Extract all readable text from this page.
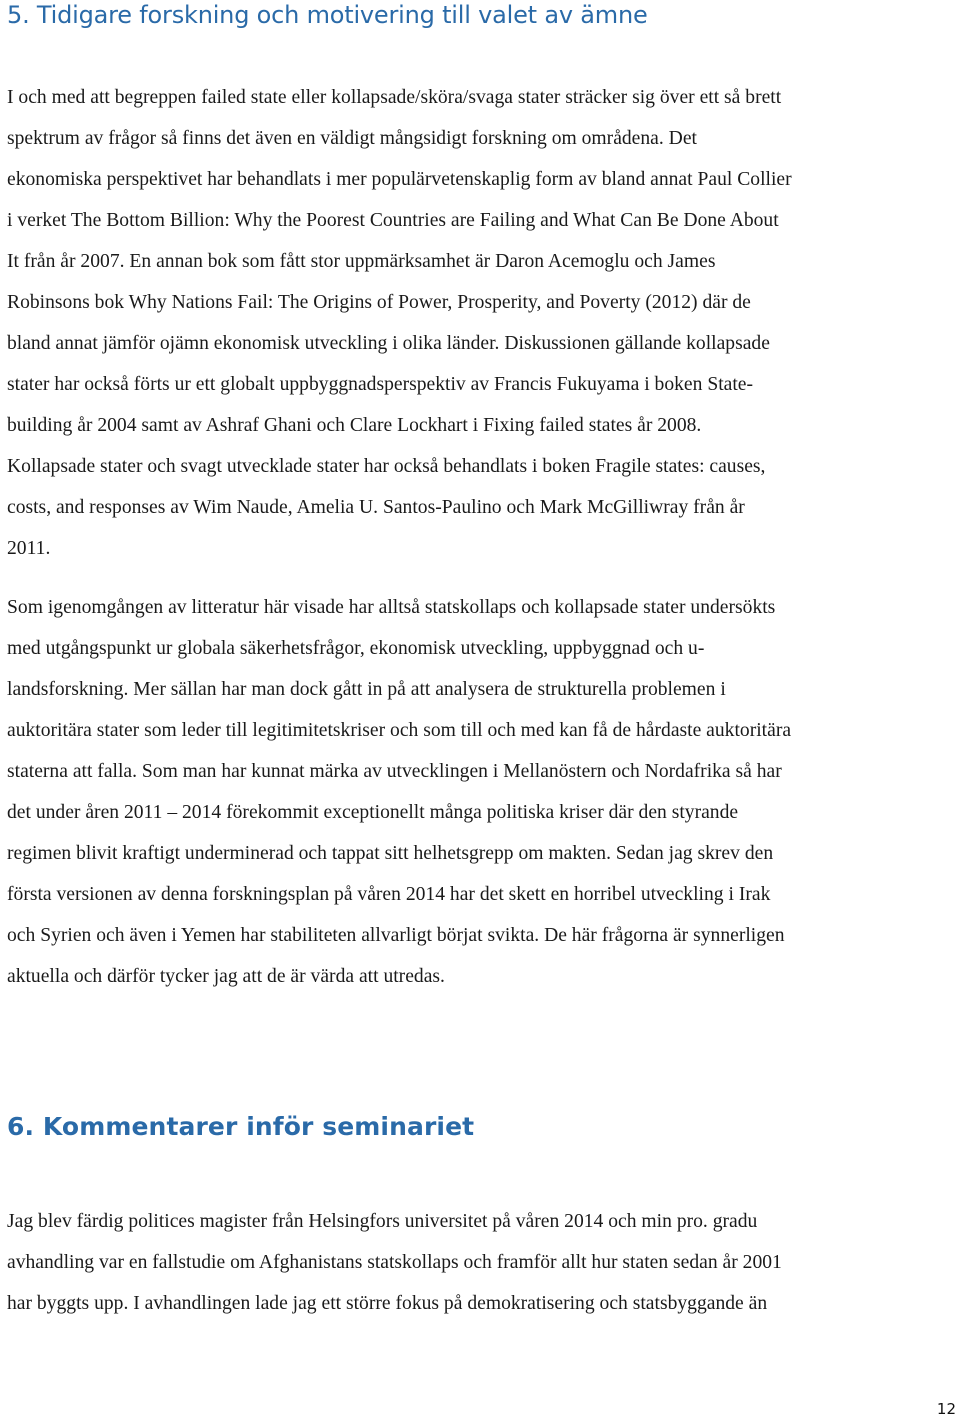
5. Tidigare forskning och motivering till valet av ämne

I och med att begreppen failed state eller kollapsade/sköra/svaga stater sträcker sig över ett så brett
spektrum av frågor så finns det även en väldigt mångsidigt forskning om områdena. Det
ekonomiska perspektivet har behandlats i mer populärvetenskaplig form av bland annat Paul Collier
i verket The Bottom Billion: Why the Poorest Countries are Failing and What Can Be Done About
It från år 2007. En annan bok som fått stor uppmärksamhet är Daron Acemoglu och James
Robinsons bok Why Nations Fail: The Origins of Power, Prosperity, and Poverty (2012) där de
bland annat jämför ojämn ekonomisk utveckling i olika länder. Diskussionen gällande kollapsade
stater har också förts ur ett globalt uppbyggnadsperspektiv av Francis Fukuyama i boken State-
building år 2004 samt av Ashraf Ghani och Clare Lockhart i Fixing failed states år 2008.
Kollapsade stater och svagt utvecklade stater har också behandlats i boken Fragile states: causes,
costs, and responses av Wim Naude, Amelia U. Santos-Paulino och Mark McGilliwray från år
2011.

Som igenomgången av litteratur här visade har alltså statskollaps och kollapsade stater undersökts
med utgångspunkt ur globala säkerhetsfrågor, ekonomisk utveckling, uppbyggnad och u-
landsforskning. Mer sällan har man dock gått in på att analysera de strukturella problemen i
auktoritära stater som leder till legitimitetskriser och som till och med kan få de hårdaste auktoritära
staterna att falla. Som man har kunnat märka av utvecklingen i Mellanöstern och Nordafrika så har
det under åren 2011 – 2014 förekommit exceptionellt många politiska kriser där den styrande
regimen blivit kraftigt underminerad och tappat sitt helhetsgrepp om makten. Sedan jag skrev den
första versionen av denna forskningsplan på våren 2014 har det skett en horribel utveckling i Irak
och Syrien och även i Yemen har stabiliteten allvarligt börjat svikta. De här frågorna är synnerligen
aktuella och därför tycker jag att de är värda att utredas.

6. Kommentarer inför seminariet

Jag blev färdig politices magister från Helsingfors universitet på våren 2014 och min pro. gradu
avhandling var en fallstudie om Afghanistans statskollaps och framför allt hur staten sedan år 2001
har byggts upp. I avhandlingen lade jag ett större fokus på demokratisering och statsbyggande än

12
